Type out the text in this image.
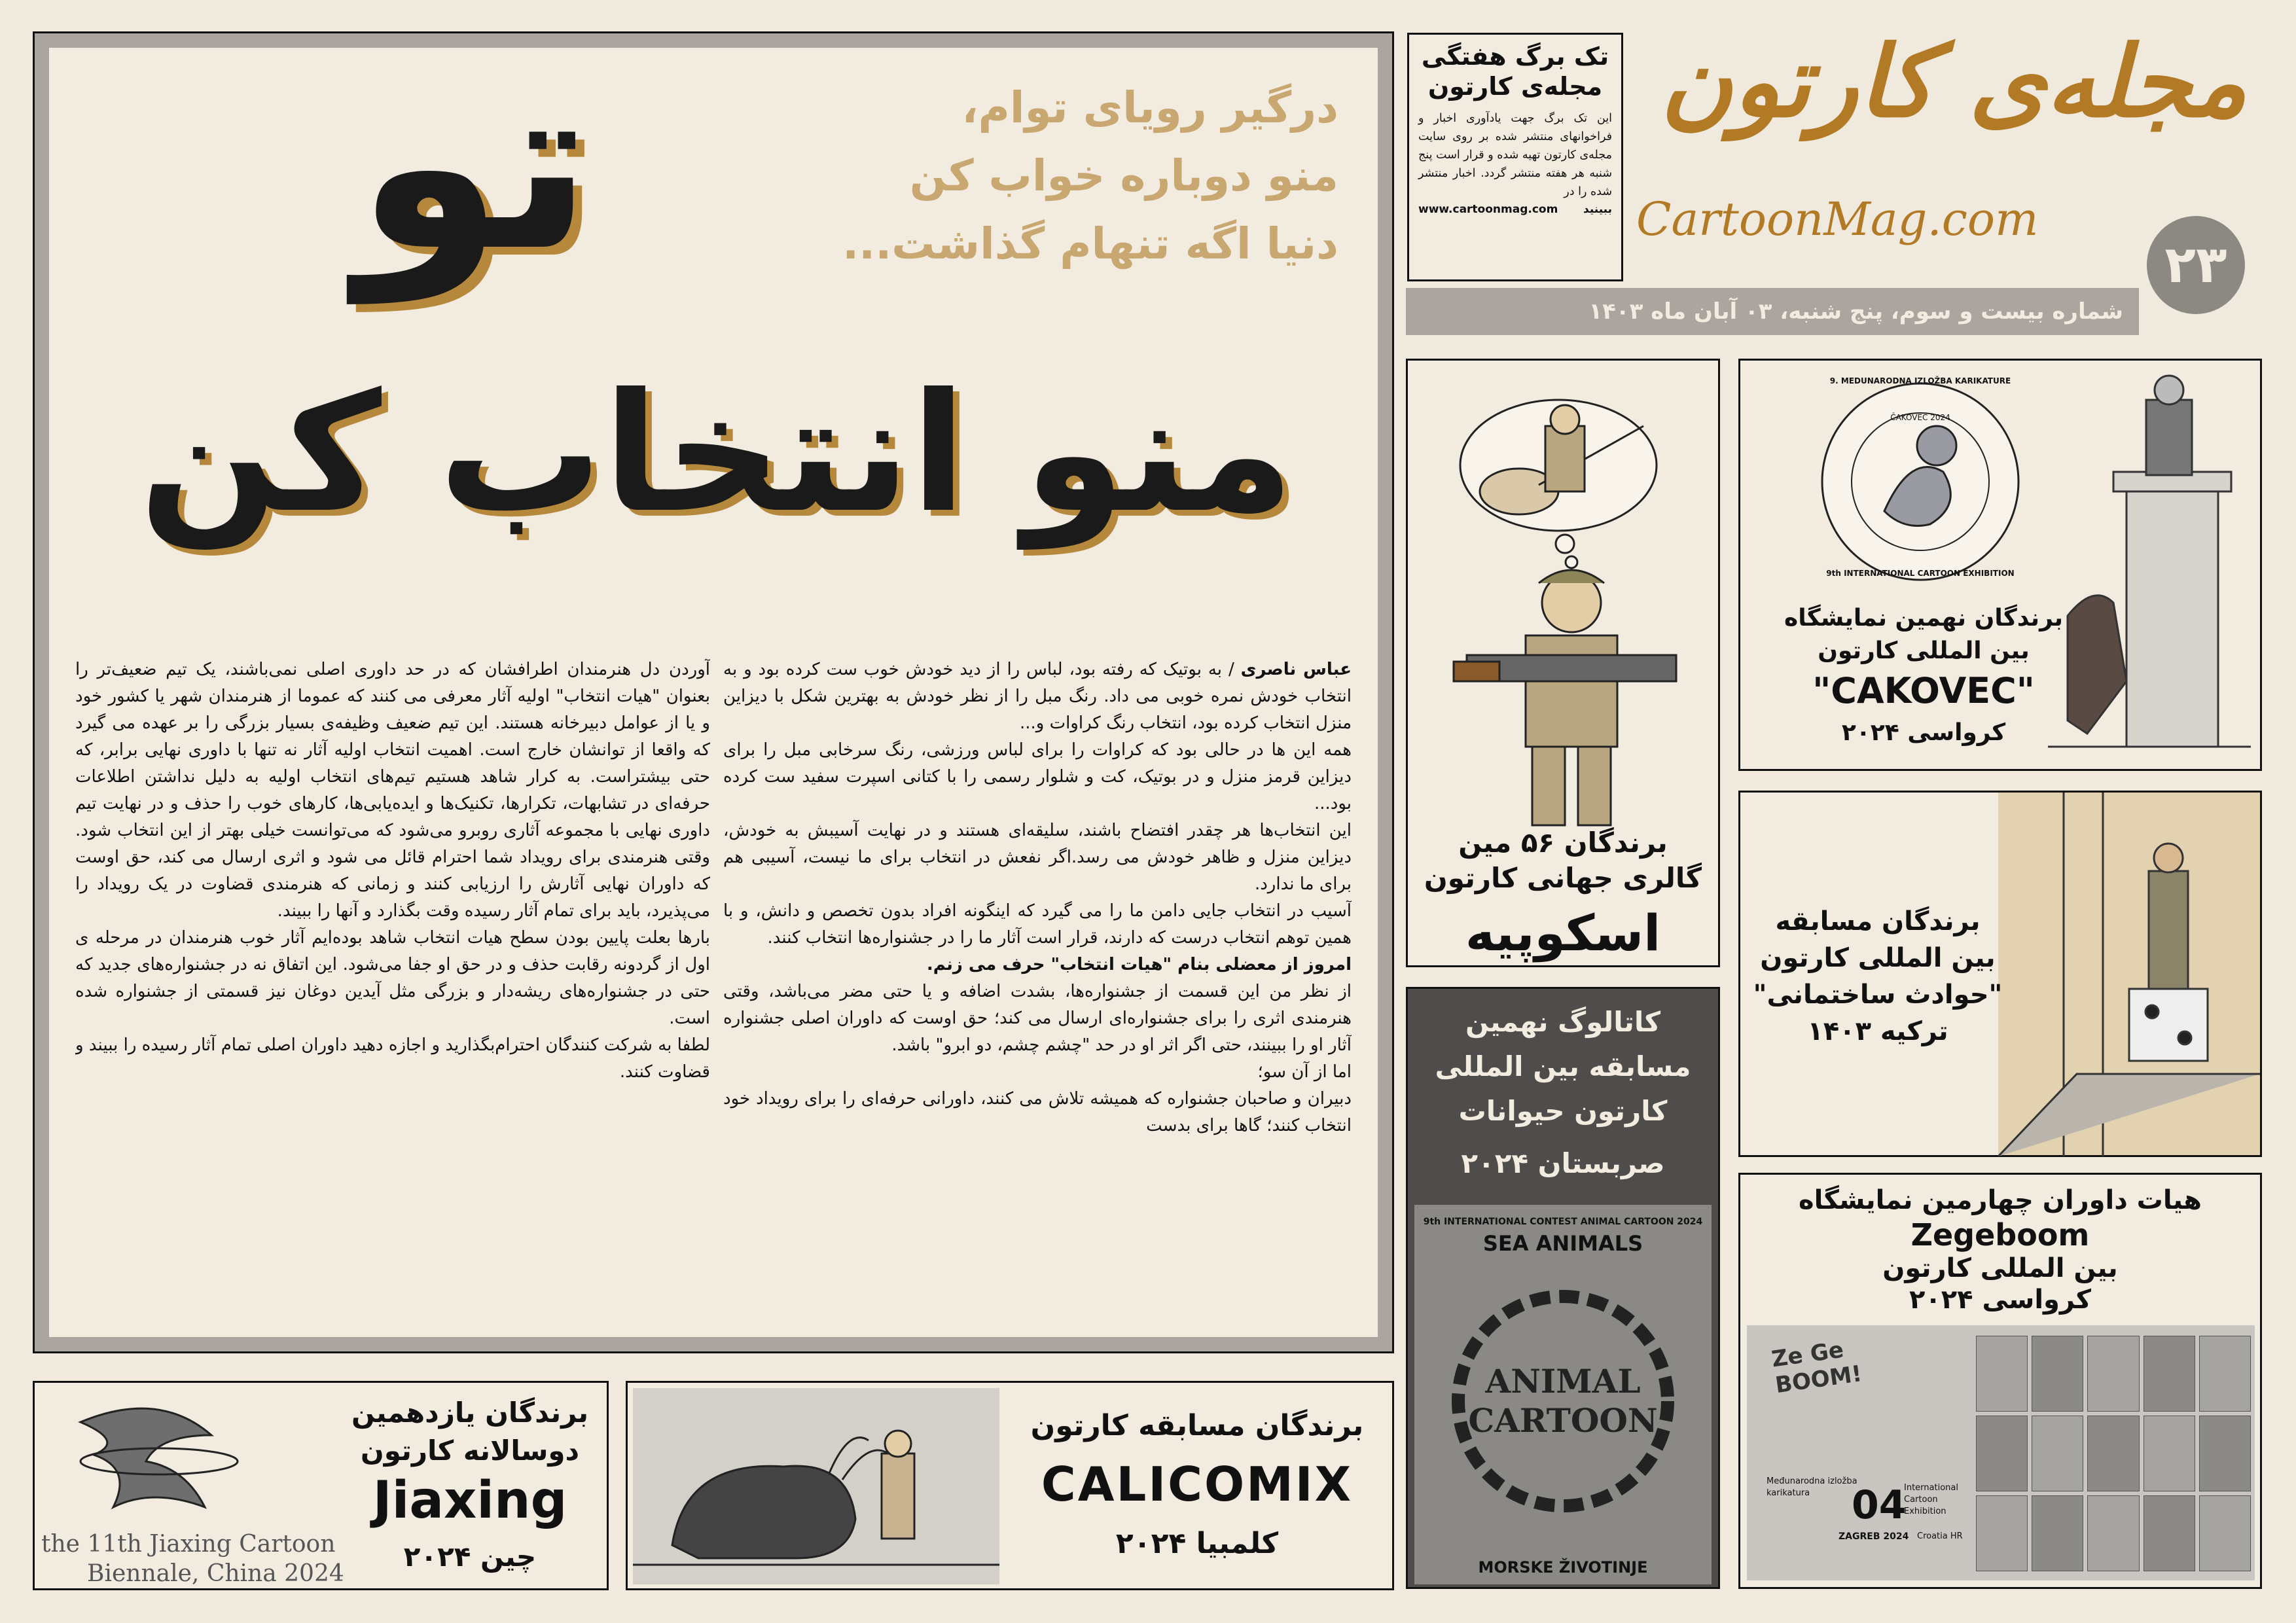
درگیر رویای توام،
منو دوباره خواب کن
دنیا اگه تنهام گذاشت...
تو
منو انتخاب کن
عباس ناصری / به بوتیک که رفته بود، لباس را از دید خودش خوب ست کرده بود و به انتخاب خودش نمره خوبی می داد. رنگ مبل را از نظر خودش به بهترین شکل با دیزاین منزل انتخاب کرده بود، انتخاب رنگ کراوات و...
همه این ها در حالی بود که کراوات را برای لباس ورزشی، رنگ سرخابی مبل را برای دیزاین قرمز منزل و در بوتیک، کت و شلوار رسمی را با کتانی اسپرت سفید ست کرده بود...
این انتخاب‌ها هر چقدر افتضاح باشند، سلیقه‌ای هستند و در نهایت آسیبش به خودش، دیزاین منزل و ظاهر خودش می رسد.اگر نفعش در انتخاب برای ما نیست، آسیبی هم برای ما ندارد.
آسیب در انتخاب جایی دامن ما را می گیرد که اینگونه افراد بدون تخصص و دانش، و با همین توهم انتخاب درست که دارند، قرار است آثار ما را در جشنواره‌ها انتخاب کنند.
امروز از معضلی بنام "هیات انتخاب" حرف می زنم.
از نظر من این قسمت از جشنواره‌ها، بشدت اضافه و یا حتی مضر می‌باشد، وقتی هنرمندی اثری را برای جشنواره‌ای ارسال می کند؛ حق اوست که داوران اصلی جشنواره آثار او را ببینند، حتی اگر اثر او در حد "چشم چشم، دو ابرو" باشد.
اما از آن سو؛
دبیران و صاحبان جشنواره که همیشه تلاش می کنند، داورانی حرفه‌ای را برای رویداد خود انتخاب کنند؛ گاها برای بدست
آوردن دل هنرمندان اطرافشان که در حد داوری اصلی نمی‌باشند، یک تیم ضعیف‌تر را بعنوان "هیات انتخاب" اولیه آثار معرفی می کنند که عموما از هنرمندان شهر یا کشور خود و یا از عوامل دبیرخانه هستند. این تیم ضعیف وظیفه‌ی بسیار بزرگی را بر عهده می گیرد که واقعا از توانشان خارج است. اهمیت انتخاب اولیه آثار نه تنها با داوری نهایی برابر، که حتی بیشتراست. به کرار شاهد هستیم تیم‌های انتخاب اولیه به دلیل نداشتن اطلاعات حرفه‌ای در تشابهات، تکرارها، تکنیک‌ها و ایده‌یابی‌ها، کارهای خوب را حذف و در نهایت تیم داوری نهایی با مجموعه آثاری روبرو می‌شود که می‌توانست خیلی بهتر از این انتخاب شود. وقتی هنرمندی برای رویداد شما احترام قائل می شود و اثری ارسال می کند، حق اوست که داوران نهایی آثارش را ارزیابی کنند و زمانی که هنرمندی قضاوت در یک رویداد را می‌پذیرد، باید برای تمام آثار رسیده وقت بگذارد و آنها را ببیند.
بارها بعلت پایین بودن سطح هیات انتخاب شاهد بوده‌ایم آثار خوب هنرمندان در مرحله ی اول از گردونه رقابت حذف و در حق او جفا می‌شود. این اتفاق نه در جشنواره‌های جدید که حتی در جشنواره‌های ریشه‌دار و بزرگی مثل آیدین دوغان نیز قسمتی از جشنواره شده است.
لطفا به شرکت کنندگان احترام‌بگذارید و اجازه دهید داوران اصلی تمام آثار رسیده را ببیند و قضاوت کنند.
تک برگ هفتگی
مجله‌ی کارتون
این تک برگ جهت یادآوری اخبار و فراخوانهای منتشر شده بر روی سایت مجله‌ی کارتون تهیه شده و قرار است پنج شنبه هر هفته منتشر گردد. اخبار منتشر شده را در
www.cartoonmag.com ببینید
مجله‌ی کارتون
CartoonMag.com
۲۳
شماره بیست و سوم، پنج شنبه، ۰۳ آبان ماه ۱۴۰۳
برندگان ۵۶ مین
گالری جهانی کارتون
اسکوپیه
9. MEDUNARODNA IZLOŽBA KARIKATURE
ČAKOVEC 2024
9th INTERNATIONAL CARTOON EXHIBITION
برندگان نهمین نمایشگاه
بین المللی کارتون
"CAKOVEC"
کرواسی ۲۰۲۴
برندگان مسابقه
بین المللی کارتون
"حوادث ساختمانی"
ترکیه ۱۴۰۳
کاتالوگ نهمین
مسابقه بین المللی
کارتون حیوانات
صربستان ۲۰۲۴
9th INTERNATIONAL CONTEST ANIMAL CARTOON 2024
SEA ANIMALS
ANIMAL
CARTOON
MORSKE ŽIVOTINJE
هیات داوران چهارمین نمایشگاه
Zegeboom
بین المللی کارتون
کرواسی ۲۰۲۴
Ze Ge BOOM!
Međunarodna izložba karikatura	04
International Cartoon Exhibition
ZAGREB 2024 Croatia HR
the 11th Jiaxing Cartoon
Biennale, China 2024
برندگان یازدهمین
دوسالانه کارتون
Jiaxing
چین ۲۰۲۴
برندگان مسابقه کارتون
CALICOMIX
کلمبیا ۲۰۲۴
